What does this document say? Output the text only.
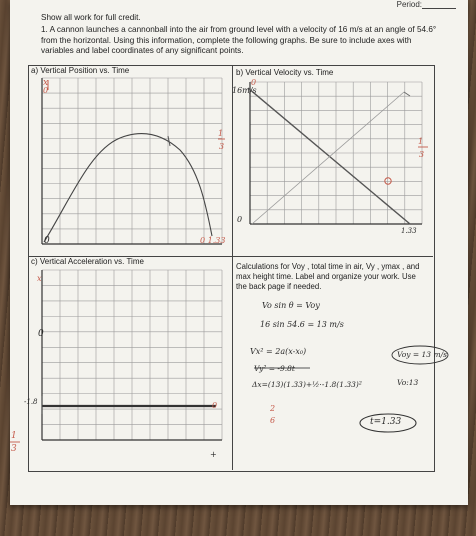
Period:
Show all work for full credit.
1. A cannon launches a cannonball into the air from ground level with a velocity of 16 m/s at an angle of 54.6° from the horizontal. Using this information, complete the following graphs. Be sure to include axes with variables and label coordinates of any significant points.
a) Vertical Position vs. Time	b) Vertical Velocity vs. Time
c) Vertical Acceleration vs. Time
Calculations for Voy , total time in air, Vy , ymax , and max height time. Label and organize your work. Use the back page if needed.
x
0
0	0 1.33
1
3
16m/s
0
0
1.33
1
3
x
0
-1.8	0
+
1
3
Vo sin θ = Voy
16 sin 54.6 = 13 m/s
Vx² = 2a(x-x₀)	Voy = 13 m/s
Vy² = -9.8t
Δx=(13)(1.33)+½·-1.8(1.33)²	Vo:13
2
6	t=1.33
